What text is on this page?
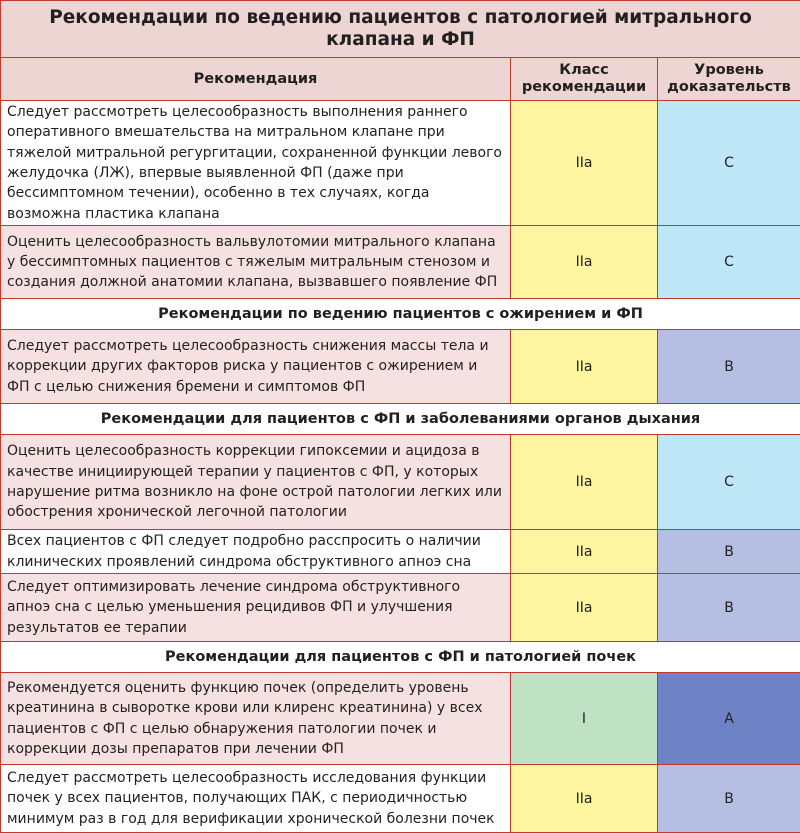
Рекомендации по ведению пациентов с патологией митрального клапана и ФП		
Рекомендация	Класс рекомендации	Уровень доказательств
Следует рассмотреть целесообразность выполнения раннего оперативного вмешательства на митральном клапане при тяжелой митральной регургитации, сохраненной функции левого желудочка (ЛЖ), впервые выявленной ФП (даже при бессимптомном течении), особенно в тех случаях, когда возможна пластика клапана	IIa	C
Оценить целесообразность вальвулотомии митрального клапана у бессимптомных пациентов с тяжелым митральным стенозом и создания должной анатомии клапана, вызвавшего появление ФП	IIa	C
Рекомендации по ведению пациентов с ожирением и ФП		
Следует рассмотреть целесообразность снижения массы тела и коррекции других факторов риска у пациентов с ожирением и ФП с целью снижения бремени и симптомов ФП	IIa	B
Рекомендации для пациентов с ФП и заболеваниями органов дыхания		
Оценить целесообразность коррекции гипоксемии и ацидоза в качестве инициирующей терапии у пациентов с ФП, у которых нарушение ритма возникло на фоне острой патологии легких или обострения хронической легочной патологии	IIa	C
Всех пациентов с ФП следует подробно расспросить о наличии клинических проявлений синдрома обструктивного апноэ сна	IIa	B
Следует оптимизировать лечение синдрома обструктивного апноэ сна с целью уменьшения рецидивов ФП и улучшения результатов ее терапии	IIa	B
Рекомендации для пациентов с ФП и патологией почек		
Рекомендуется оценить функцию почек (определить уровень креатинина в сыворотке крови или клиренс креатинина) у всех пациентов с ФП с целью обнаружения патологии почек и коррекции дозы препаратов при лечении ФП	I	A
Следует рассмотреть целесообразность исследования функции почек у всех пациентов, получающих ПАК, с периодичностью минимум раз в год для верификации хронической болезни почек	IIa	B
